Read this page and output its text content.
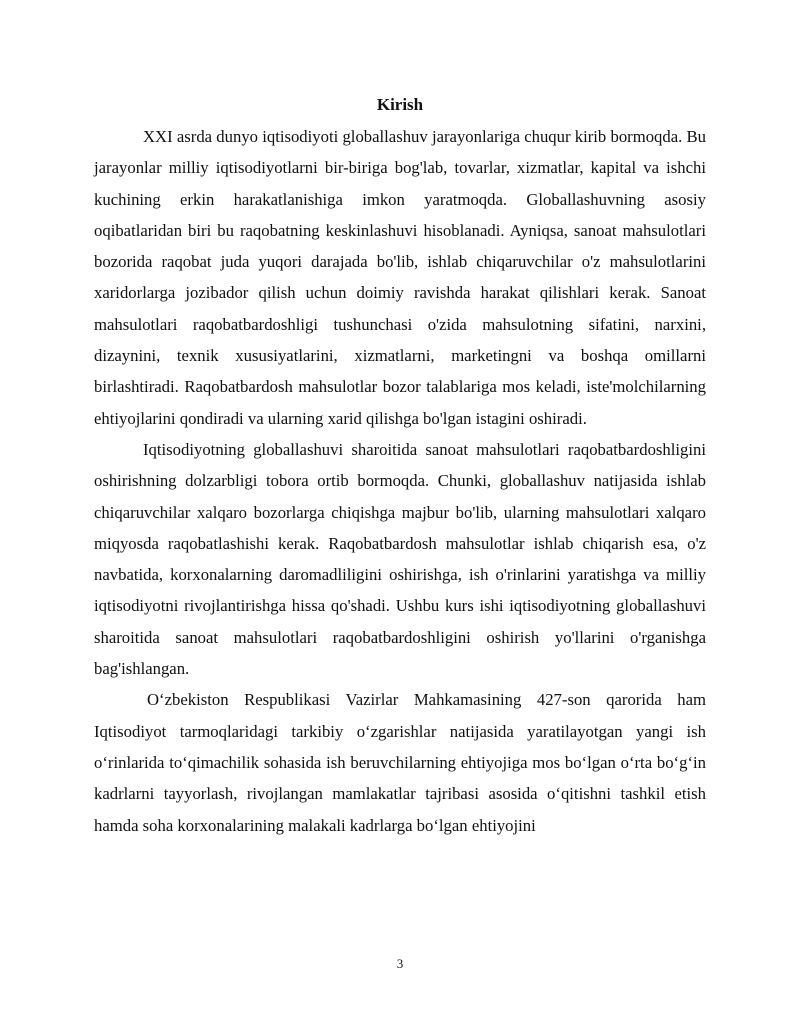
Kirish

XXI asrda dunyo iqtisodiyoti globallashuv jarayonlariga chuqur kirib bormoqda. Bu jarayonlar milliy iqtisodiyotlarni bir-biriga bog'lab, tovarlar, xizmatlar, kapital va ishchi kuchining erkin harakatlanishiga imkon yaratmoqda. Globallashuvning asosiy oqibatlaridan biri bu raqobatning keskinlashuvi hisoblanadi. Ayniqsa, sanoat mahsulotlari bozorida raqobat juda yuqori darajada bo'lib, ishlab chiqaruvchilar o'z mahsulotlarini xaridorlarga jozibador qilish uchun doimiy ravishda harakat qilishlari kerak. Sanoat mahsulotlari raqobatbardoshligi tushunchasi o'zida mahsulotning sifatini, narxini, dizaynini, texnik xususiyatlarini, xizmatlarni, marketingni va boshqa omillarni birlashtiradi. Raqobatbardosh mahsulotlar bozor talablariga mos keladi, iste'molchilarning ehtiyojlarini qondiradi va ularning xarid qilishga bo'lgan istagini oshiradi.

Iqtisodiyotning globallashuvi sharoitida sanoat mahsulotlari raqobatbardoshligini oshirishning dolzarbligi tobora ortib bormoqda. Chunki, globallashuv natijasida ishlab chiqaruvchilar xalqaro bozorlarga chiqishga majbur bo'lib, ularning mahsulotlari xalqaro miqyosda raqobatlashishi kerak. Raqobatbardosh mahsulotlar ishlab chiqarish esa, o'z navbatida, korxonalarning daromadliligini oshirishga, ish o'rinlarini yaratishga va milliy iqtisodiyotni rivojlantirishga hissa qo'shadi. Ushbu kurs ishi iqtisodiyotning globallashuvi sharoitida sanoat mahsulotlari raqobatbardoshligini oshirish yo'llarini o'rganishga bag'ishlangan.

O‘zbekiston Respublikasi Vazirlar Mahkamasining 427-son qarorida ham Iqtisodiyot tarmoqlaridagi tarkibiy o‘zgarishlar natijasida yaratilayotgan yangi ish o‘rinlarida to‘qimachilik sohasida ish beruvchilarning ehtiyojiga mos bo‘lgan o‘rta bo‘g‘in kadrlarni tayyorlash, rivojlangan mamlakatlar tajribasi asosida o‘qitishni tashkil etish hamda soha korxonalarining malakali kadrlarga bo‘lgan ehtiyojini

3
